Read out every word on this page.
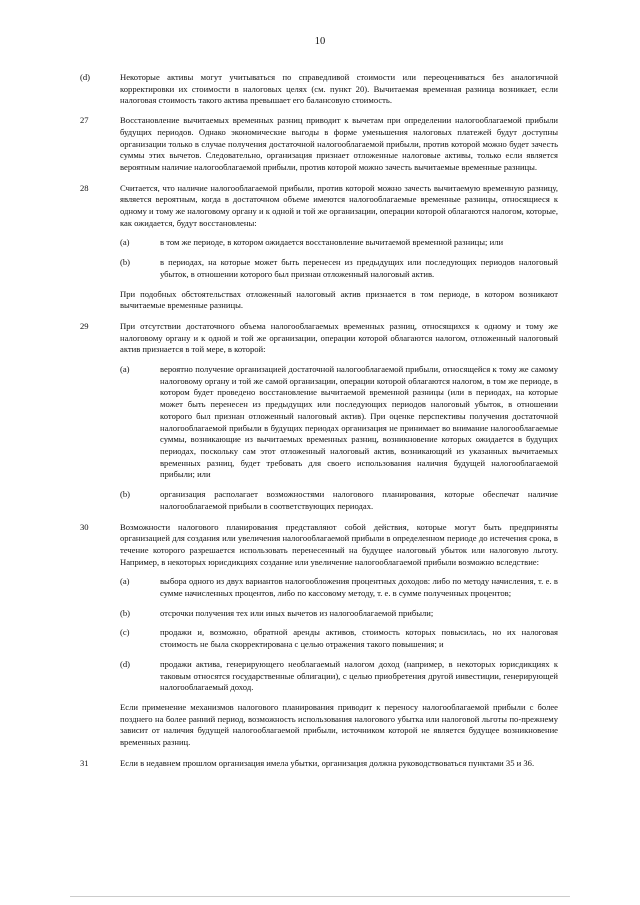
10
(d)	Некоторые активы могут учитываться по справедливой стоимости или переоцениваться без аналогичной корректировки их стоимости в налоговых целях (см. пункт 20). Вычитаемая временная разница возникает, если налоговая стоимость такого актива превышает его балансовую стоимость.
27	Восстановление вычитаемых временных разниц приводит к вычетам при определении налогооблагаемой прибыли будущих периодов. Однако экономические выгоды в форме уменьшения налоговых платежей будут доступны организации только в случае получения достаточной налогооблагаемой прибыли, против которой можно будет зачесть суммы этих вычетов. Следовательно, организация признает отложенные налоговые активы, только если является вероятным наличие налогооблагаемой прибыли, против которой можно зачесть вычитаемые временные разницы.

28	Считается, что наличие налогооблагаемой прибыли, против которой можно зачесть вычитаемую временную разницу, является вероятным, когда в достаточном объеме имеются налогооблагаемые временные разницы, относящиеся к одному и тому же налоговому органу и к одной и той же организации, операции которой облагаются налогом, которые, как ожидается, будут восстановлены:

(a)	в том же периоде, в котором ожидается восстановление вычитаемой временной разницы; или
(b)	в периодах, на которые может быть перенесен из предыдущих или последующих периодов налоговый убыток, в отношении которого был признан отложенный налоговый актив.

При подобных обстоятельствах отложенный налоговый актив признается в том периоде, в котором возникают вычитаемые временные разницы.

29	При отсутствии достаточного объема налогооблагаемых временных разниц, относящихся к одному и тому же налоговому органу и к одной и той же организации, операции которой облагаются налогом, отложенный налоговый актив признается в той мере, в которой:

(a)	вероятно получение организацией достаточной налогооблагаемой прибыли, относящейся к тому же самому налоговому органу и той же самой организации, операции которой облагаются налогом, в том же периоде, в котором будет проведено восстановление вычитаемой временной разницы (или в периодах, на которые может быть перенесен из предыдущих или последующих периодов налоговый убыток, в отношении которого был признан отложенный налоговый актив). При оценке перспективы получения достаточной налогооблагаемой прибыли в будущих периодах организация не принимает во внимание налогооблагаемые суммы, возникающие из вычитаемых временных разниц, возникновение которых ожидается в будущих периодах, поскольку сам этот отложенный налоговый актив, возникающий из указанных вычитаемых временных разниц, будет требовать для своего использования наличия будущей налогооблагаемой прибыли; или
(b)	организация располагает возможностями налогового планирования, которые обеспечат наличие налогооблагаемой прибыли в соответствующих периодах.
30	Возможности налогового планирования представляют собой действия, которые могут быть предприняты организацией для создания или увеличения налогооблагаемой прибыли в определенном периоде до истечения срока, в течение которого разрешается использовать перенесенный на будущее налоговый убыток или налоговую льготу. Например, в некоторых юрисдикциях создание или увеличение налогооблагаемой прибыли возможно вследствие:

(a)	выбора одного из двух вариантов налогообложения процентных доходов: либо по методу начисления, т. е. в сумме начисленных процентов, либо по кассовому методу, т. е. в сумме полученных процентов;
(b)	отсрочки получения тех или иных вычетов из налогооблагаемой прибыли;
(c)	продажи и, возможно, обратной аренды активов, стоимость которых повысилась, но их налоговая стоимость не была скорректирована с целью отражения такого повышения; и
(d)	продажи актива, генерирующего необлагаемый налогом доход (например, в некоторых юрисдикциях к таковым относятся государственные облигации), с целью приобретения другой инвестиции, генерирующей налогооблагаемый доход.

Если применение механизмов налогового планирования приводит к переносу налогооблагаемой прибыли с более позднего на более ранний период, возможность использования налогового убытка или налоговой льготы по-прежнему зависит от наличия будущей налогооблагаемой прибыли, источником которой не является будущее возникновение временных разниц.

31	Если в недавнем прошлом организация имела убытки, организация должна руководствоваться пунктами 35 и 36.
